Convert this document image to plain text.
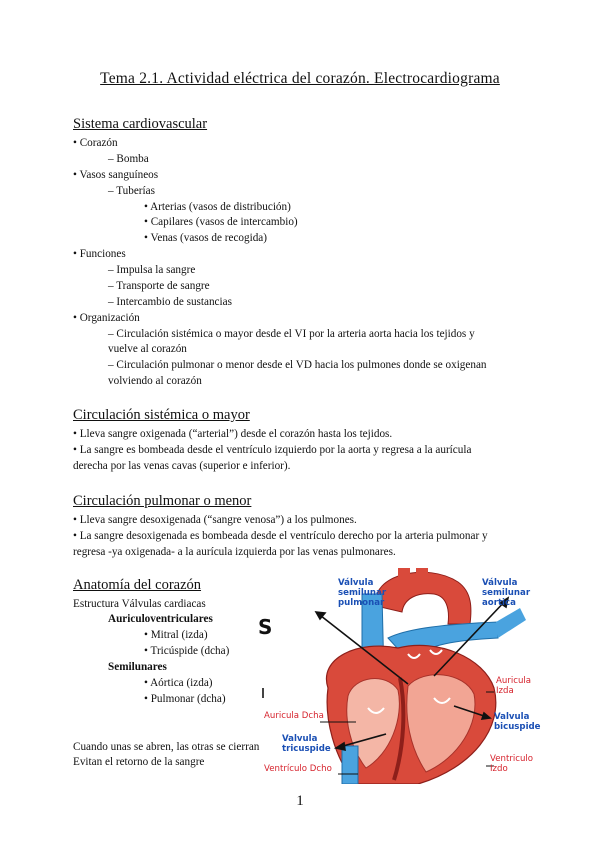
Tema 2.1. Actividad eléctrica del corazón. Electrocardiograma
Sistema cardiovascular
• Corazón
– Bomba
• Vasos sanguíneos
– Tuberías
• Arterias (vasos de distribución)
• Capilares (vasos de intercambio)
• Venas (vasos de recogida)
• Funciones
– Impulsa la sangre
– Transporte de sangre
– Intercambio de sustancias
• Organización
– Circulación sistémica o mayor desde el VI por la arteria aorta hacia los tejidos y
vuelve al corazón
– Circulación pulmonar o menor desde el VD hacia los pulmones donde se oxigenan
volviendo al corazón
Circulación sistémica o mayor
• Lleva sangre oxigenada (“arterial”) desde el corazón hasta los tejidos.
• La sangre es bombeada desde el ventrículo izquierdo por la aorta y regresa a la aurícula
derecha por las venas cavas (superior e inferior).
Circulación pulmonar o menor
• Lleva sangre desoxigenada (“sangre venosa”) a los pulmones.
• La sangre desoxigenada es bombeada desde el ventrículo derecho por la arteria pulmonar y
regresa -ya oxigenada- a la aurícula izquierda por las venas pulmonares.
Anatomía del corazón
Estructura Válvulas cardiacas
Auriculoventriculares
• Mitral (izda)
• Tricúspide (dcha)
Semilunares
• Aórtica (izda)
• Pulmonar (dcha)
Cuando unas se abren, las otras se cierran
Evitan el retorno de la sangre
S
Válvula
semilunar
pulmonar
Válvula
semilunar
aortica
Auricula
Izda
Auricula Dcha	Valvula
bicuspide
Valvula
tricuspide
Ventriculo
Izdo
Ventrículo Dcho
1
